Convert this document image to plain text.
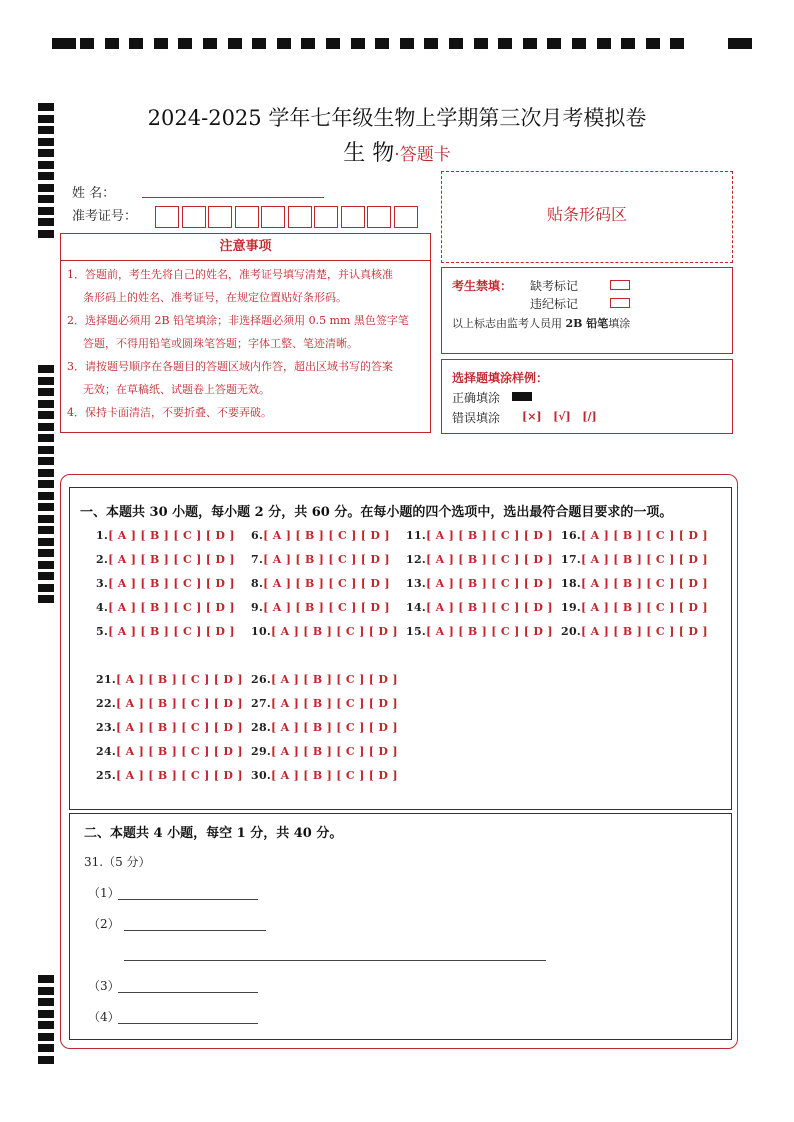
2024-2025 学年七年级生物上学期第三次月考模拟卷
生 物·答题卡
姓 名：
准考证号：
注意事项

1．答题前，考生先将自己的姓名，准考证号填写清楚，并认真核准

条形码上的姓名、准考证号，在规定位置贴好条形码。

2．选择题必须用 2B 铅笔填涂；非选择题必须用 0.5 mm 黑色签字笔

答题，不得用铅笔或圆珠笔答题；字体工整、笔迹清晰。

3．请按题号顺序在各题目的答题区域内作答，超出区域书写的答案

无效；在草稿纸、试题卷上答题无效。

4．保持卡面清洁，不要折叠、不要弄破。

贴条形码区
考生禁填： 缺考标记
违纪标记
以上标志由监考人员用 2B 铅笔填涂
选择题填涂样例：
正确填涂
错误填涂 [×]   [√]   [/]
一、本题共 30 小题，每小题 2 分，共 60 分。在每小题的四个选项中，选出最符合题目要求的一项。
1.[ A ] [ B ] [ C ] [ D ]
2.[ A ] [ B ] [ C ] [ D ]
3.[ A ] [ B ] [ C ] [ D ]
4.[ A ] [ B ] [ C ] [ D ]
5.[ A ] [ B ] [ C ] [ D ]
6.[ A ] [ B ] [ C ] [ D ]
7.[ A ] [ B ] [ C ] [ D ]
8.[ A ] [ B ] [ C ] [ D ]
9.[ A ] [ B ] [ C ] [ D ]
10.[ A ] [ B ] [ C ] [ D ]
11.[ A ] [ B ] [ C ] [ D ]
12.[ A ] [ B ] [ C ] [ D ]
13.[ A ] [ B ] [ C ] [ D ]
14.[ A ] [ B ] [ C ] [ D ]
15.[ A ] [ B ] [ C ] [ D ]
16.[ A ] [ B ] [ C ] [ D ]
17.[ A ] [ B ] [ C ] [ D ]
18.[ A ] [ B ] [ C ] [ D ]
19.[ A ] [ B ] [ C ] [ D ]
20.[ A ] [ B ] [ C ] [ D ]
21.[ A ] [ B ] [ C ] [ D ]
22.[ A ] [ B ] [ C ] [ D ]
23.[ A ] [ B ] [ C ] [ D ]
24.[ A ] [ B ] [ C ] [ D ]
25.[ A ] [ B ] [ C ] [ D ]
26.[ A ] [ B ] [ C ] [ D ]
27.[ A ] [ B ] [ C ] [ D ]
28.[ A ] [ B ] [ C ] [ D ]
29.[ A ] [ B ] [ C ] [ D ]
30.[ A ] [ B ] [ C ] [ D ]
二、本题共 4 小题，每空 1 分，共 40 分。
31.（5 分）
（1）
（2）
（3）
（4）
